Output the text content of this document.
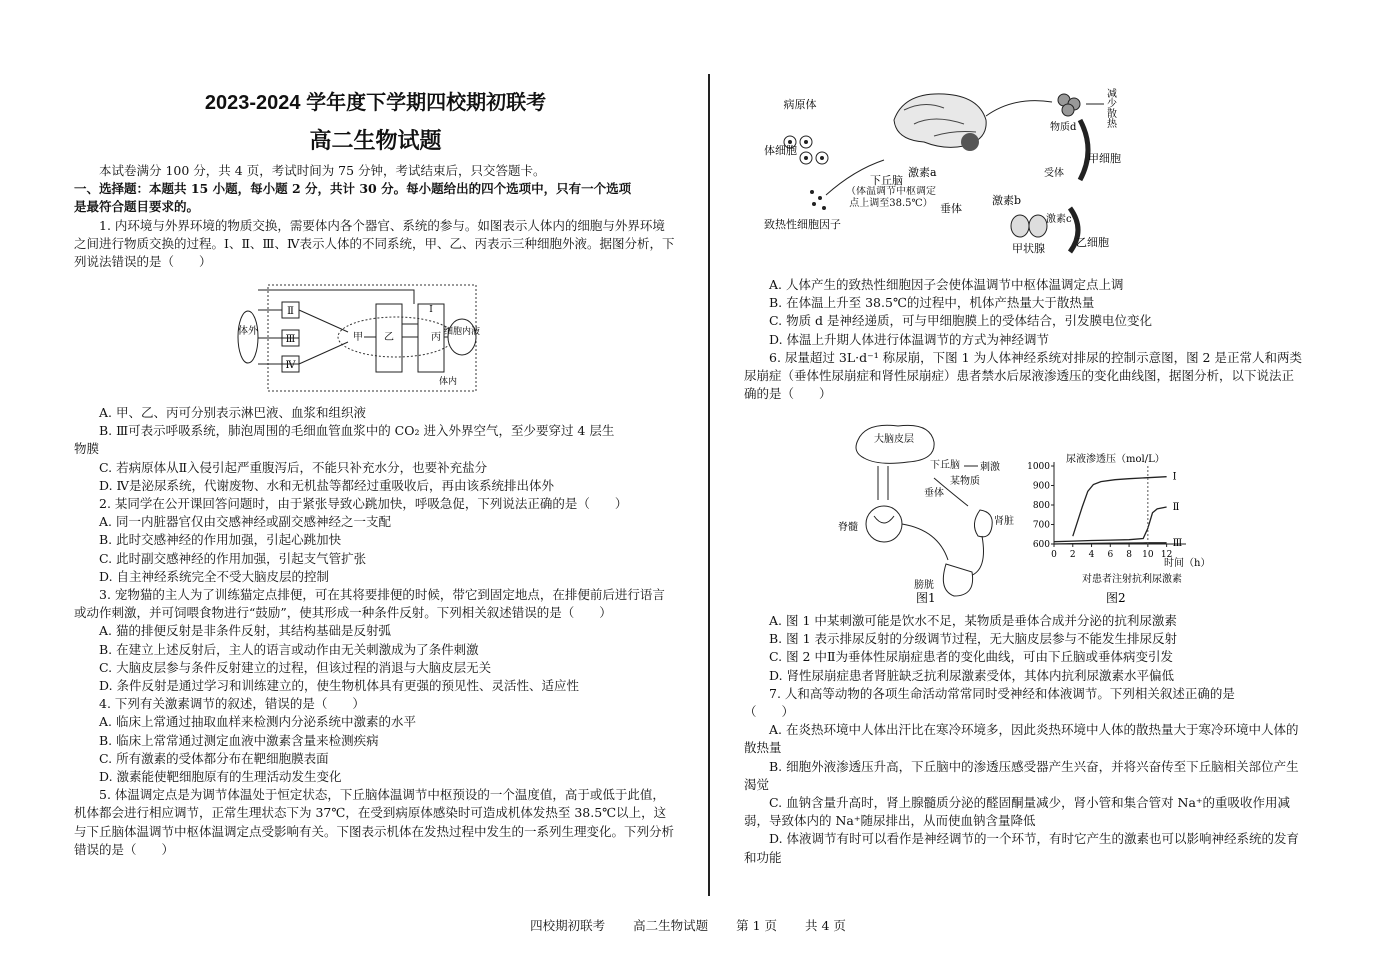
2023-2024 学年度下学期四校期初联考
高二生物试题

本试卷满分 100 分，共 4 页，考试时间为 75 分钟，考试结束后，只交答题卡。

一、选择题：本题共 15 小题，每小题 2 分，共计 30 分。每小题给出的四个选项中，只有一个选项

是最符合题目要求的。

1. 内环境与外界环境的物质交换，需要体内各个器官、系统的参与。如图表示人体内的细胞与外界环境之间进行物质交换的过程。Ⅰ、Ⅱ、Ⅲ、Ⅳ表示人体的不同系统，甲、乙、丙表示三种细胞外液。据图分析，下列说法错误的是（　　）

体外
Ⅱ
Ⅲ
Ⅳ
Ⅰ
甲 乙	丙 细胞内液
体内

A. 甲、乙、丙可分别表示淋巴液、血浆和组织液

B. Ⅲ可表示呼吸系统，肺泡周围的毛细血管血浆中的 CO₂ 进入外界空气，至少要穿过 4 层生

物膜

C. 若病原体从Ⅱ入侵引起严重腹泻后，不能只补充水分，也要补充盐分

D. Ⅳ是泌尿系统，代谢废物、水和无机盐等都经过重吸收后，再由该系统排出体外

2. 某同学在公开课回答问题时，由于紧张导致心跳加快，呼吸急促，下列说法正确的是（　　）

A. 同一内脏器官仅由交感神经或副交感神经之一支配

B. 此时交感神经的作用加强，引起心跳加快

C. 此时副交感神经的作用加强，引起支气管扩张

D. 自主神经系统完全不受大脑皮层的控制

3. 宠物猫的主人为了训练猫定点排便，可在其将要排便的时候，带它到固定地点，在排便前后进行语言或动作刺激，并可饲喂食物进行“鼓励”，使其形成一种条件反射。下列相关叙述错误的是（　　）

A. 猫的排便反射是非条件反射，其结构基础是反射弧

B. 在建立上述反射后，主人的语言或动作由无关刺激成为了条件刺激

C. 大脑皮层参与条件反射建立的过程，但该过程的消退与大脑皮层无关

D. 条件反射是通过学习和训练建立的，使生物机体具有更强的预见性、灵活性、适应性

4. 下列有关激素调节的叙述，错误的是（　　）

A. 临床上常通过抽取血样来检测内分泌系统中激素的水平

B. 临床上常常通过测定血液中激素含量来检测疾病

C. 所有激素的受体都分布在靶细胞膜表面

D. 激素能使靶细胞原有的生理活动发生变化

5. 体温调定点是为调节体温处于恒定状态，下丘脑体温调节中枢预设的一个温度值，高于或低于此值，机体都会进行相应调节，正常生理状态下为 37℃，在受到病原体感染时可造成机体发热至 38.5℃以上，这与下丘脑体温调节中枢体温调定点受影响有关。下图表示机体在发热过程中发生的一系列生理变化。下列分析错误的是（　　）

病原体
体细胞
致热性细胞因子
下丘脑
（体温调节中枢调定点上调至38.5℃）
激素a
垂体
激素b
甲状腺
激素c
乙细胞
减少散热
物质d
受体
甲细胞

A. 人体产生的致热性细胞因子会使体温调节中枢体温调定点上调

B. 在体温上升至 38.5℃的过程中，机体产热量大于散热量

C. 物质 d 是神经递质，可与甲细胞膜上的受体结合，引发膜电位变化

D. 体温上升期人体进行体温调节的方式为神经调节

6. 尿量超过 3L·d⁻¹ 称尿崩，下图 1 为人体神经系统对排尿的控制示意图，图 2 是正常人和两类尿崩症（垂体性尿崩症和肾性尿崩症）患者禁水后尿液渗透压的变化曲线图，据图分析，以下说法正确的是（　　）

大脑皮层
下丘脑 刺激
垂体
某物质
脊髓
肾脏
膀胱
图1
尿液渗透压（mol/L）
0 2 4 6 8 10 12
600
700
800
900
1000
Ⅰ
Ⅱ
Ⅲ
时间（h）
对患者注射抗利尿激素
图2

A. 图 1 中某刺激可能是饮水不足，某物质是垂体合成并分泌的抗利尿激素

B. 图 1 表示排尿反射的分级调节过程，无大脑皮层参与不能发生排尿反射

C. 图 2 中Ⅱ为垂体性尿崩症患者的变化曲线，可由下丘脑或垂体病变引发

D. 肾性尿崩症患者肾脏缺乏抗利尿激素受体，其体内抗利尿激素水平偏低

7. 人和高等动物的各项生命活动常常同时受神经和体液调节。下列相关叙述正确的是

（　　）

A. 在炎热环境中人体出汗比在寒冷环境多，因此炎热环境中人体的散热量大于寒冷环境中人体的散热量

B. 细胞外液渗透压升高，下丘脑中的渗透压感受器产生兴奋，并将兴奋传至下丘脑相关部位产生渴觉

C. 血钠含量升高时，肾上腺髓质分泌的醛固酮量减少，肾小管和集合管对 Na⁺的重吸收作用减弱，导致体内的 Na⁺随尿排出，从而使血钠含量降低

D. 体液调节有时可以看作是神经调节的一个环节，有时它产生的激素也可以影响神经系统的发育和功能

四校期初联考 高二生物试题 第 1 页 共 4 页
